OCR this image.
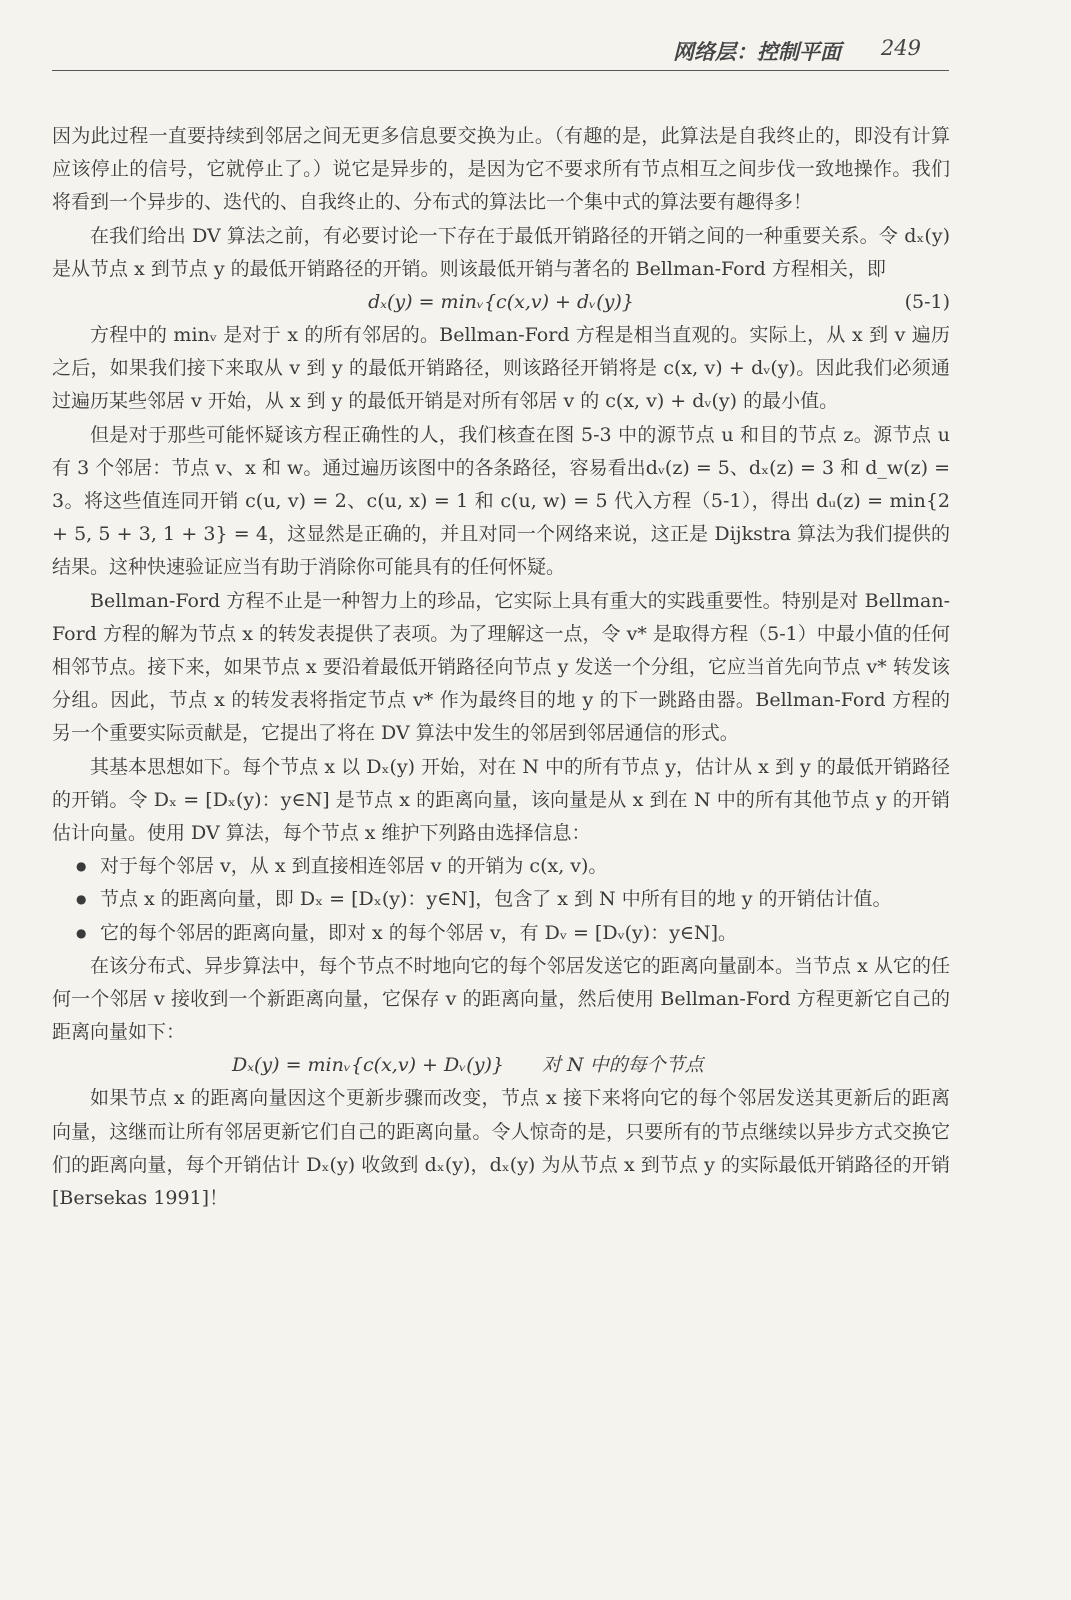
网络层：控制平面 249

因为此过程一直要持续到邻居之间无更多信息要交换为止。（有趣的是，此算法是自我终止的，即没有计算应该停止的信号，它就停止了。）说它是异步的，是因为它不要求所有节点相互之间步伐一致地操作。我们将看到一个异步的、迭代的、自我终止的、分布式的算法比一个集中式的算法要有趣得多！

在我们给出 DV 算法之前，有必要讨论一下存在于最低开销路径的开销之间的一种重要关系。令 dₓ(y) 是从节点 x 到节点 y 的最低开销路径的开销。则该最低开销与著名的 Bellman-Ford 方程相关，即

dₓ(y) = minᵥ{c(x,v) + dᵥ(y)}	(5-1)

方程中的 minᵥ 是对于 x 的所有邻居的。Bellman-Ford 方程是相当直观的。实际上，从 x 到 v 遍历之后，如果我们接下来取从 v 到 y 的最低开销路径，则该路径开销将是 c(x, v) + dᵥ(y)。因此我们必须通过遍历某些邻居 v 开始，从 x 到 y 的最低开销是对所有邻居 v 的 c(x, v) + dᵥ(y) 的最小值。

但是对于那些可能怀疑该方程正确性的人，我们核查在图 5-3 中的源节点 u 和目的节点 z。源节点 u 有 3 个邻居：节点 v、x 和 w。通过遍历该图中的各条路径，容易看出dᵥ(z) = 5、dₓ(z) = 3 和 d_w(z) = 3。将这些值连同开销 c(u, v) = 2、c(u, x) = 1 和 c(u, w) = 5 代入方程（5-1），得出 dᵤ(z) = min{2 + 5, 5 + 3, 1 + 3} = 4，这显然是正确的，并且对同一个网络来说，这正是 Dijkstra 算法为我们提供的结果。这种快速验证应当有助于消除你可能具有的任何怀疑。

Bellman-Ford 方程不止是一种智力上的珍品，它实际上具有重大的实践重要性。特别是对 Bellman-Ford 方程的解为节点 x 的转发表提供了表项。为了理解这一点，令 v* 是取得方程（5-1）中最小值的任何相邻节点。接下来，如果节点 x 要沿着最低开销路径向节点 y 发送一个分组，它应当首先向节点 v* 转发该分组。因此，节点 x 的转发表将指定节点 v* 作为最终目的地 y 的下一跳路由器。Bellman-Ford 方程的另一个重要实际贡献是，它提出了将在 DV 算法中发生的邻居到邻居通信的形式。

其基本思想如下。每个节点 x 以 Dₓ(y) 开始，对在 N 中的所有节点 y，估计从 x 到 y 的最低开销路径的开销。令 Dₓ = [Dₓ(y)：y∈N] 是节点 x 的距离向量，该向量是从 x 到在 N 中的所有其他节点 y 的开销估计向量。使用 DV 算法，每个节点 x 维护下列路由选择信息：

● 对于每个邻居 v，从 x 到直接相连邻居 v 的开销为 c(x, v)。
● 节点 x 的距离向量，即 Dₓ = [Dₓ(y)：y∈N]，包含了 x 到 N 中所有目的地 y 的开销估计值。
● 它的每个邻居的距离向量，即对 x 的每个邻居 v，有 Dᵥ = [Dᵥ(y)：y∈N]。

在该分布式、异步算法中，每个节点不时地向它的每个邻居发送它的距离向量副本。当节点 x 从它的任何一个邻居 v 接收到一个新距离向量，它保存 v 的距离向量，然后使用 Bellman-Ford 方程更新它自己的距离向量如下：

Dₓ(y) = minᵥ{c(x,v) + Dᵥ(y)}　　对 N 中的每个节点

如果节点 x 的距离向量因这个更新步骤而改变，节点 x 接下来将向它的每个邻居发送其更新后的距离向量，这继而让所有邻居更新它们自己的距离向量。令人惊奇的是，只要所有的节点继续以异步方式交换它们的距离向量，每个开销估计 Dₓ(y) 收敛到 dₓ(y)，dₓ(y) 为从节点 x 到节点 y 的实际最低开销路径的开销 [Bersekas 1991]！
